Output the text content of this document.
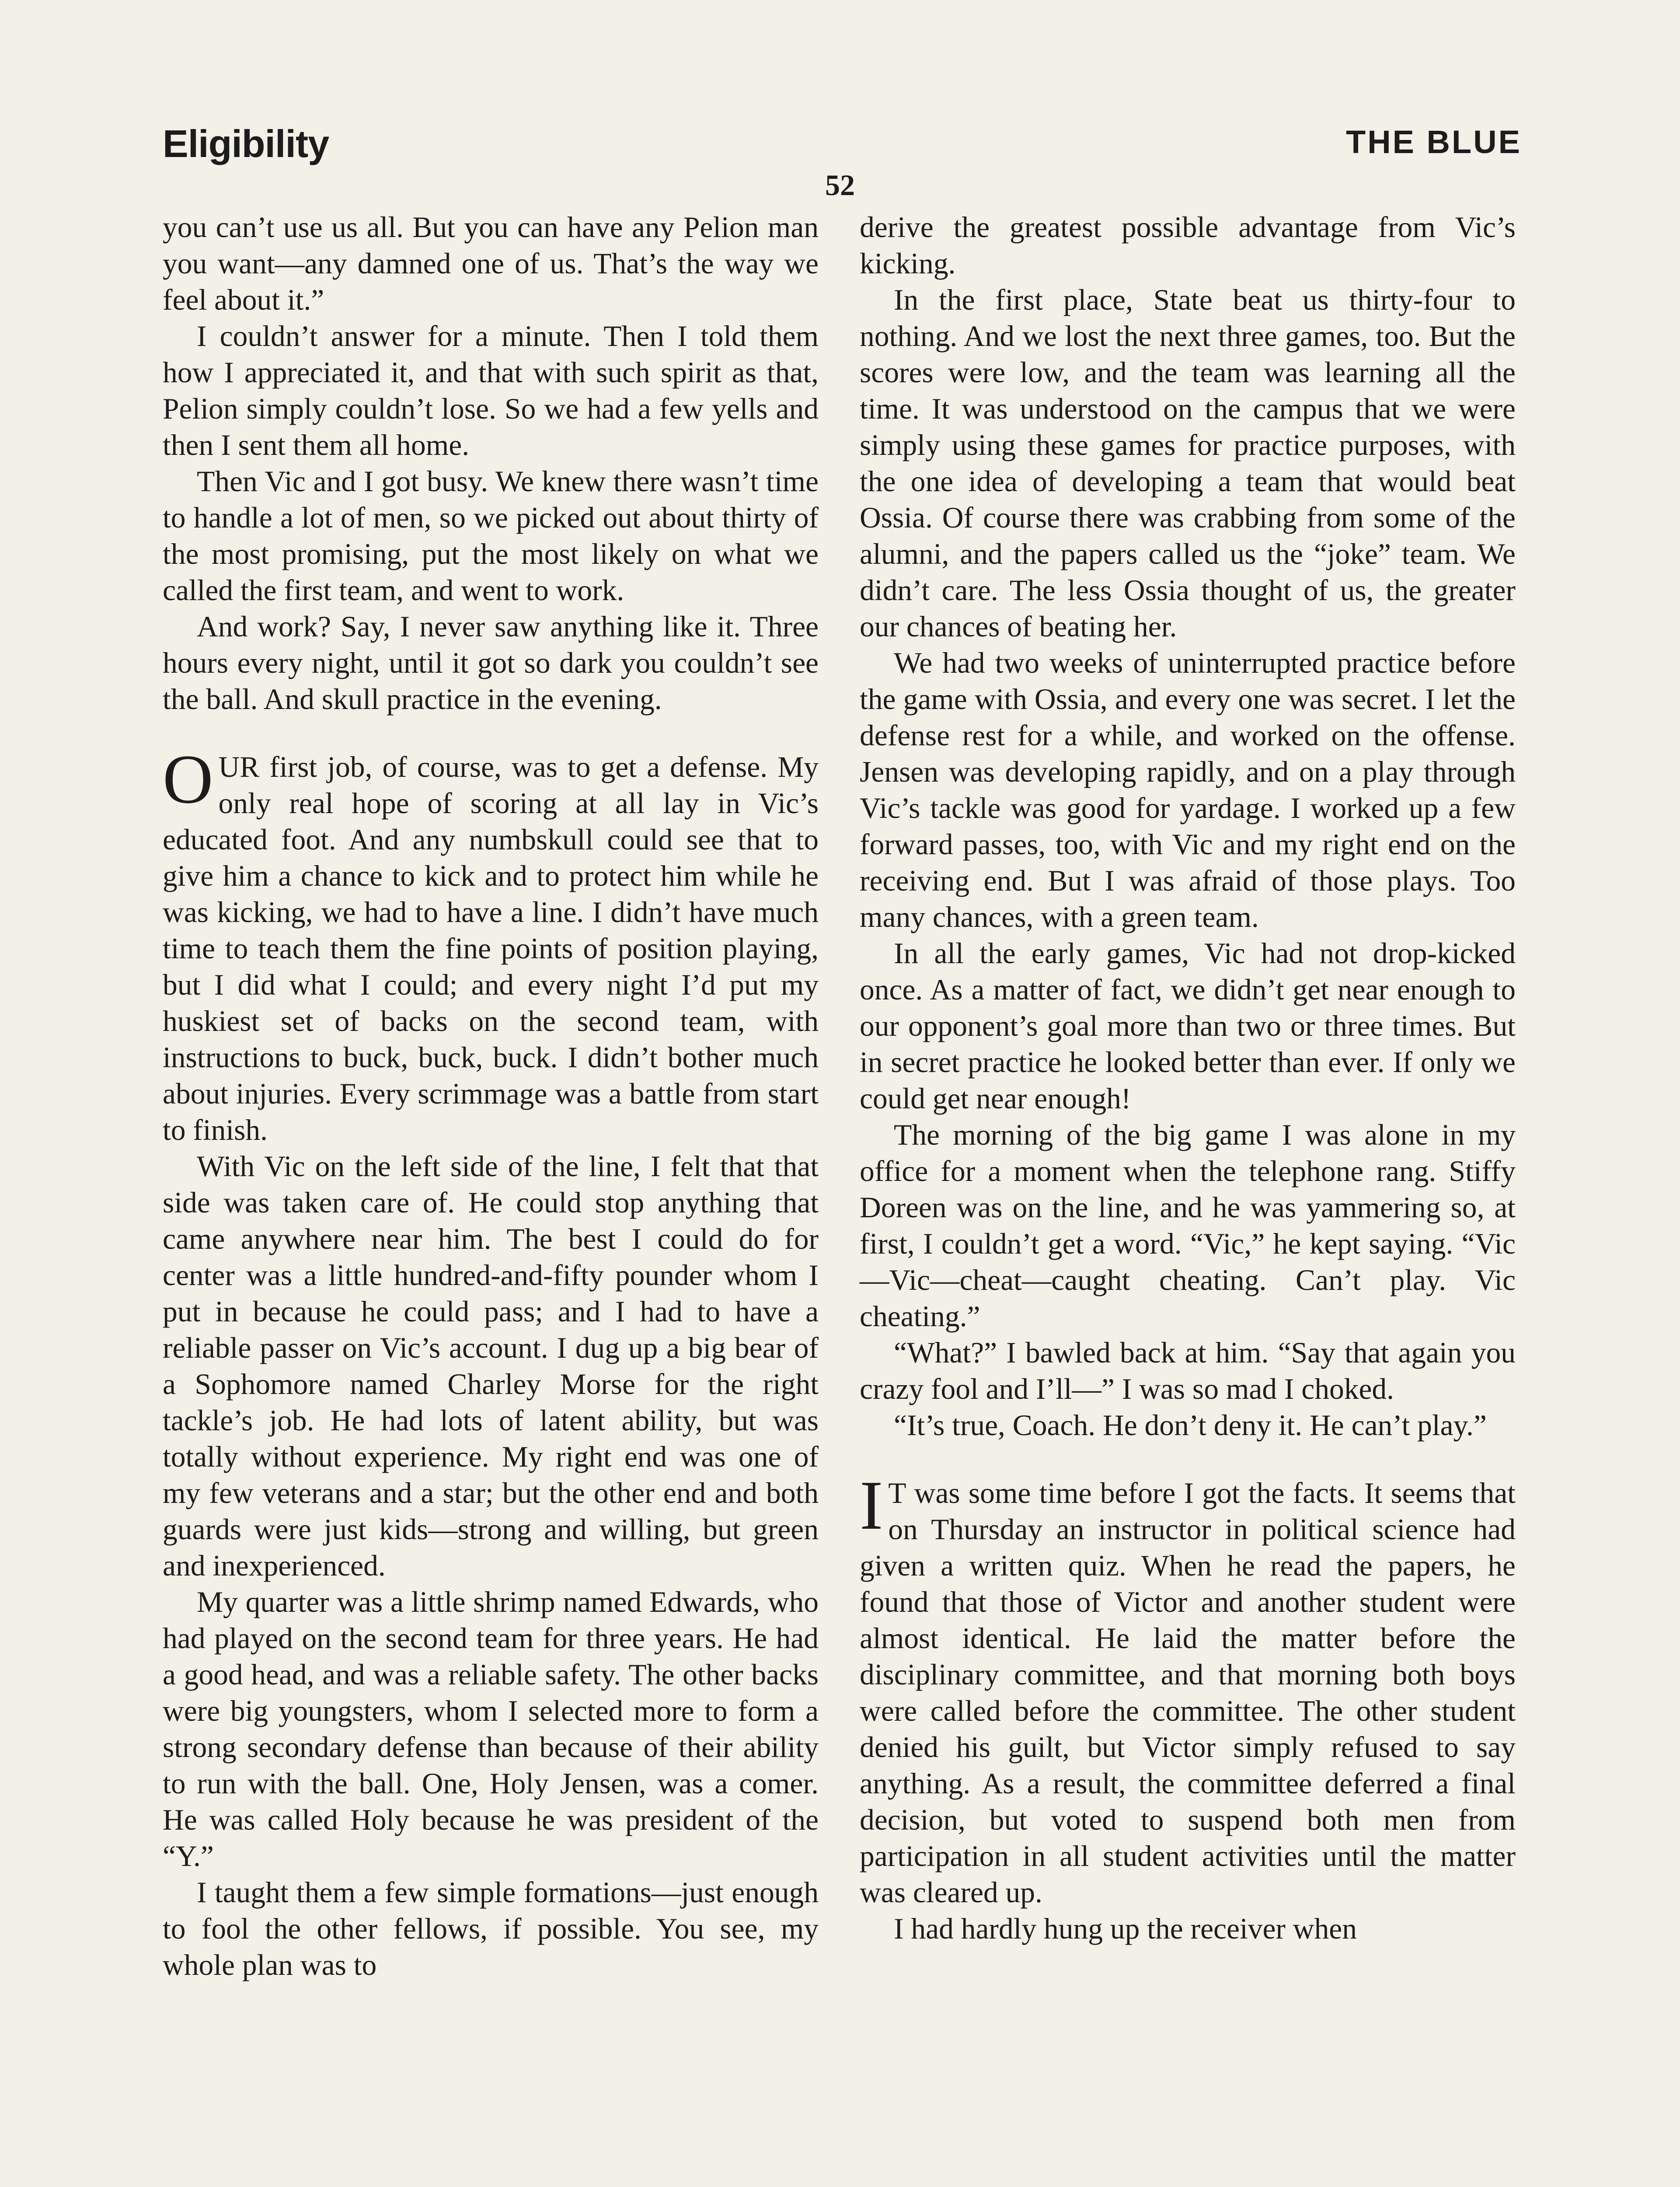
Eligibility	THE BLUE
52

you can’t use us all. But you can have any Pelion man you want—any damned one of us. That’s the way we feel about it.”

I couldn’t answer for a minute. Then I told them how I appreciated it, and that with such spirit as that, Pelion simply couldn’t lose. So we had a few yells and then I sent them all home.

Then Vic and I got busy. We knew there wasn’t time to handle a lot of men, so we picked out about thirty of the most promising, put the most likely on what we called the first team, and went to work.

And work? Say, I never saw anything like it. Three hours every night, until it got so dark you couldn’t see the ball. And skull practice in the evening.

OUR first job, of course, was to get a defense. My only real hope of scoring at all lay in Vic’s educated foot. And any numbskull could see that to give him a chance to kick and to protect him while he was kicking, we had to have a line. I didn’t have much time to teach them the fine points of position playing, but I did what I could; and every night I’d put my huskiest set of backs on the second team, with instructions to buck, buck, buck. I didn’t bother much about injuries. Every scrimmage was a battle from start to finish.

With Vic on the left side of the line, I felt that that side was taken care of. He could stop anything that came anywhere near him. The best I could do for center was a little hundred-and-fifty pounder whom I put in because he could pass; and I had to have a reliable passer on Vic’s account. I dug up a big bear of a Sophomore named Charley Morse for the right tackle’s job. He had lots of latent ability, but was totally without experience. My right end was one of my few veterans and a star; but the other end and both guards were just kids—strong and willing, but green and inexperienced.

My quarter was a little shrimp named Edwards, who had played on the second team for three years. He had a good head, and was a reliable safety. The other backs were big youngsters, whom I selected more to form a strong secondary defense than because of their ability to run with the ball. One, Holy Jensen, was a comer. He was called Holy because he was president of the “Y.”

I taught them a few simple formations—just enough to fool the other fellows, if possible. You see, my whole plan was to

derive the greatest possible advantage from Vic’s kicking.

In the first place, State beat us thirty-four to nothing. And we lost the next three games, too. But the scores were low, and the team was learning all the time. It was understood on the campus that we were simply using these games for practice purposes, with the one idea of developing a team that would beat Ossia. Of course there was crabbing from some of the alumni, and the papers called us the “joke” team. We didn’t care. The less Ossia thought of us, the greater our chances of beating her.

We had two weeks of uninterrupted practice before the game with Ossia, and every one was secret. I let the defense rest for a while, and worked on the offense. Jensen was developing rapidly, and on a play through Vic’s tackle was good for yardage. I worked up a few forward passes, too, with Vic and my right end on the receiving end. But I was afraid of those plays. Too many chances, with a green team.

In all the early games, Vic had not drop-kicked once. As a matter of fact, we didn’t get near enough to our opponent’s goal more than two or three times. But in secret practice he looked better than ever. If only we could get near enough!

The morning of the big game I was alone in my office for a moment when the telephone rang. Stiffy Doreen was on the line, and he was yammering so, at first, I couldn’t get a word. “Vic,” he kept saying. “Vic—Vic—cheat—caught cheating. Can’t play. Vic cheating.”

“What?” I bawled back at him. “Say that again you crazy fool and I’ll—” I was so mad I choked.

“It’s true, Coach. He don’t deny it. He can’t play.”

I T was some time before I got the facts. It seems that on Thursday an instructor in political science had given a written quiz. When he read the papers, he found that those of Victor and another student were almost identical. He laid the matter before the disciplinary committee, and that morning both boys were called before the committee. The other student denied his guilt, but Victor simply refused to say anything. As a result, the committee deferred a final decision, but voted to suspend both men from participation in all student activities until the matter was cleared up.

I had hardly hung up the receiver when
